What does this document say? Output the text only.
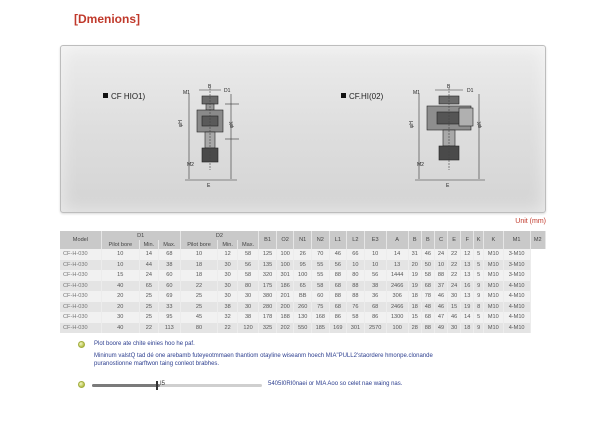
[Dmenions]
CF HIO1)	M1
B
D1
φH	φK
M2
E
CF.HI(02)	M1
B
D1
φH	φK
M2
E
Unit (mm)
Model	D1			D2			B1	O2	N1	N2	L1	L2	E3	A	B	B	C	E	F	K	K	M1	M2
	Pilot bore	Min.	Max.	Pilot bore	Min.	Max.																	
CF-H-030	10	14	68	10	12	58	125	100	26	70	46	66	10	14	31	46	24	22	12	5	M10	3-M10	
CF-H-030	10	44	38	18	30	56	135	100	95	55	56	10	10	13	20	50	10	22	13	5	M10	3-M10	
CF-H-030	15	24	60	18	30	58	320	301	100	55	88	80	56	1444	19	58	88	22	13	5	M10	3-M10	
CF-H-030	40	65	60	22	30	80	175	186	65	58	68	88	38	2466	19	68	37	24	16	9	M10	4-M10	
CF-H-030	20	25	69	25	30	30	380	201	BB	60	88	88	36	306	18	78	46	30	13	9	M10	4-M10	
CF-H-030	20	25	33	25	38	30	280	200	260	75	68	76	68	2466	18	48	46	15	19	8	M10	4-M10	
CF-H-030	30	25	95	45	32	38	178	188	130	168	86	58	86	1300	15	68	47	46	14	5	M10	4-M10	
CF-H-030	40	22	113	80	22	120	325	202	550	185	169	301	2570	100	28	88	49	30	18	9	M10	4-M10	
Plot boore ate chite einies hoo he paf.
Mininum valstQ tad dé one arebamb futeyeotmmaen thantiom otayline wiseanm hoech MIA"PULL2'staordere hmonpe.clonande
puranostionne marftwon taing conleot brabhes.
I5	5405I0RI0naei or MIA Aoo so celet nae waing nas.
